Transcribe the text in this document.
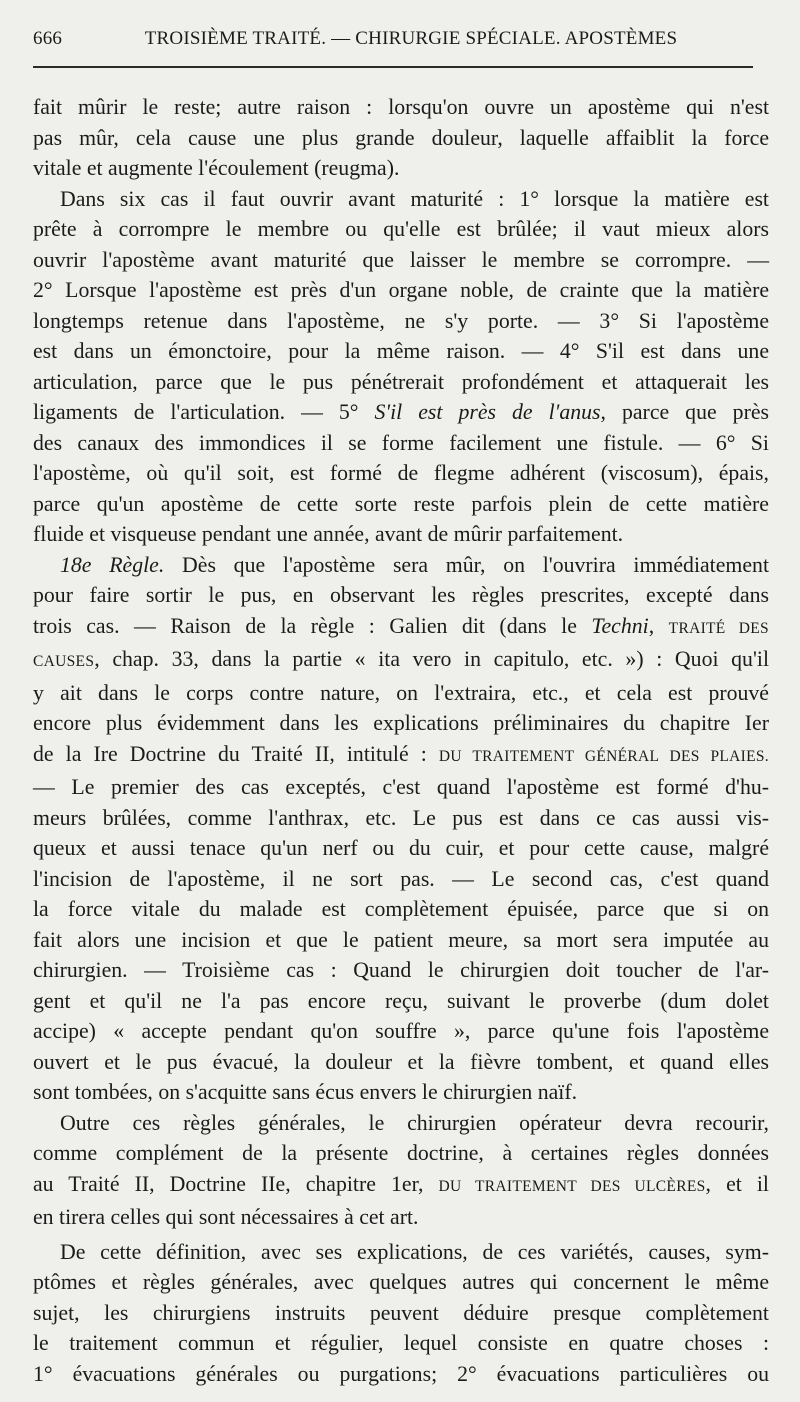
666	TROISIÈME TRAITÉ. — CHIRURGIE SPÉCIALE. APOSTÈMES

fait mûrir le reste; autre raison : lorsqu'on ouvre un apostème qui n'est

pas mûr, cela cause une plus grande douleur, laquelle affaiblit la force

vitale et augmente l'écoulement (reugma).

Dans six cas il faut ouvrir avant maturité : 1° lorsque la matière est

prête à corrompre le membre ou qu'elle est brûlée; il vaut mieux alors

ouvrir l'apostème avant maturité que laisser le membre se corrompre. —

2° Lorsque l'apostème est près d'un organe noble, de crainte que la matière

longtemps retenue dans l'apostème, ne s'y porte. — 3° Si l'apostème

est dans un émonctoire, pour la même raison. — 4° S'il est dans une

articulation, parce que le pus pénétrerait profondément et attaquerait les

ligaments de l'articulation. — 5° S'il est près de l'anus, parce que près

des canaux des immondices il se forme facilement une fistule. — 6° Si

l'apostème, où qu'il soit, est formé de flegme adhérent (viscosum), épais,

parce qu'un apostème de cette sorte reste parfois plein de cette matière

fluide et visqueuse pendant une année, avant de mûrir parfaitement.

18e Règle. Dès que l'apostème sera mûr, on l'ouvrira immédiatement

pour faire sortir le pus, en observant les règles prescrites, excepté dans

trois cas. — Raison de la règle : Galien dit (dans le Techni, TRAITÉ DES

CAUSES, chap. 33, dans la partie « ita vero in capitulo, etc. ») : Quoi qu'il

y ait dans le corps contre nature, on l'extraira, etc., et cela est prouvé

encore plus évidemment dans les explications préliminaires du chapitre Ier

de la Ire Doctrine du Traité II, intitulé : DU TRAITEMENT GÉNÉRAL DES PLAIES.

— Le premier des cas exceptés, c'est quand l'apostème est formé d'hu-

meurs brûlées, comme l'anthrax, etc. Le pus est dans ce cas aussi vis-

queux et aussi tenace qu'un nerf ou du cuir, et pour cette cause, malgré

l'incision de l'apostème, il ne sort pas. — Le second cas, c'est quand

la force vitale du malade est complètement épuisée, parce que si on

fait alors une incision et que le patient meure, sa mort sera imputée au

chirurgien. — Troisième cas : Quand le chirurgien doit toucher de l'ar-

gent et qu'il ne l'a pas encore reçu, suivant le proverbe (dum dolet

accipe) « accepte pendant qu'on souffre », parce qu'une fois l'apostème

ouvert et le pus évacué, la douleur et la fièvre tombent, et quand elles

sont tombées, on s'acquitte sans écus envers le chirurgien naïf.

Outre ces règles générales, le chirurgien opérateur devra recourir,

comme complément de la présente doctrine, à certaines règles données

au Traité II, Doctrine IIe, chapitre 1er, DU TRAITEMENT DES ULCÈRES, et il

en tirera celles qui sont nécessaires à cet art.

De cette définition, avec ses explications, de ces variétés, causes, sym-

ptômes et règles générales, avec quelques autres qui concernent le même

sujet, les chirurgiens instruits peuvent déduire presque complètement

le traitement commun et régulier, lequel consiste en quatre choses :

1° évacuations générales ou purgations; 2° évacuations particulières ou
